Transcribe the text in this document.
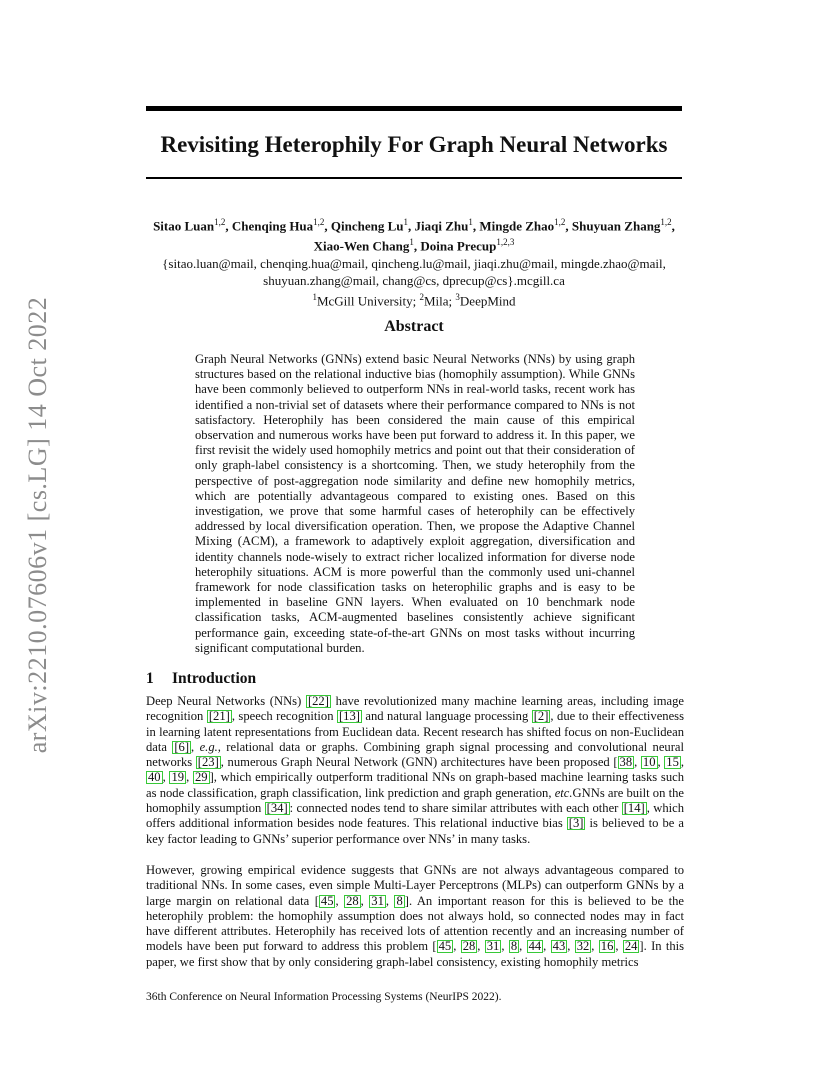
arXiv:2210.07606v1 [cs.LG] 14 Oct 2022
Revisiting Heterophily For Graph Neural Networks
Sitao Luan$^{1,2}$, Chenqing Hua$^{1,2}$, Qincheng Lu$^1$, Jiaqi Zhu$^1$, Mingde Zhao$^{1,2}$, Shuyuan Zhang$^{1,2}$,
Xiao-Wen Chang$^1$, Doina Precup$^{1,2,3}$
{sitao.luan@mail, chenqing.hua@mail, qincheng.lu@mail, jiaqi.zhu@mail, mingde.zhao@mail,
shuyuan.zhang@mail, chang@cs, dprecup@cs}.mcgill.ca
$^1$McGill University; $^2$Mila; $^3$DeepMind
Abstract
Graph Neural Networks (GNNs) extend basic Neural Networks (NNs) by using graph structures based on the relational inductive bias (homophily assumption). While GNNs have been commonly believed to outperform NNs in real-world tasks, recent work has identified a non-trivial set of datasets where their performance compared to NNs is not satisfactory. Heterophily has been considered the main cause of this empirical observation and numerous works have been put forward to address it. In this paper, we first revisit the widely used homophily metrics and point out that their consideration of only graph-label consistency is a shortcoming. Then, we study heterophily from the perspective of post-aggregation node similarity and define new homophily metrics, which are potentially advantageous compared to existing ones. Based on this investigation, we prove that some harmful cases of heterophily can be effectively addressed by local diversification operation. Then, we propose the Adaptive Channel Mixing (ACM), a framework to adaptively exploit aggregation, diversification and identity channels node-wisely to extract richer localized information for diverse node heterophily situations. ACM is more powerful than the commonly used uni-channel framework for node classification tasks on heterophilic graphs and is easy to be implemented in baseline GNN layers. When evaluated on 10 benchmark node classification tasks, ACM-augmented baselines consistently achieve significant performance gain, exceeding state-of-the-art GNNs on most tasks without incurring significant computational burden.
1 Introduction
Deep Neural Networks (NNs) [22] have revolutionized many machine learning areas, including image recognition [21] , speech recognition [13] and natural language processing [2] , due to their effectiveness in learning latent representations from Euclidean data. Recent research has shifted focus on non-Euclidean data [6] , e.g., relational data or graphs. Combining graph signal processing and convolutional neural networks [23] , numerous Graph Neural Network (GNN) architectures have been proposed [ 38 , 10 , 15 , 40 , 19 , 29 ], which empirically outperform traditional NNs on graph-based machine learning tasks such as node classification, graph classification, link prediction and graph generation, etc.GNNs are built on the homophily assumption [34] : connected nodes tend to share similar attributes with each other [14] , which offers additional information besides node features. This relational inductive bias [3] is believed to be a key factor leading to GNNs’ superior performance over NNs’ in many tasks.
However, growing empirical evidence suggests that GNNs are not always advantageous compared to traditional NNs. In some cases, even simple Multi-Layer Perceptrons (MLPs) can outperform GNNs by a large margin on relational data [ 45 , 28 , 31 , 8 ]. An important reason for this is believed to be the heterophily problem: the homophily assumption does not always hold, so connected nodes may in fact have different attributes. Heterophily has received lots of attention recently and an increasing number of models have been put forward to address this problem [ 45 , 28 , 31 , 8 , 44 , 43 , 32 , 16 , 24 ]. In this paper, we first show that by only considering graph-label consistency, existing homophily metrics
36th Conference on Neural Information Processing Systems (NeurIPS 2022).
